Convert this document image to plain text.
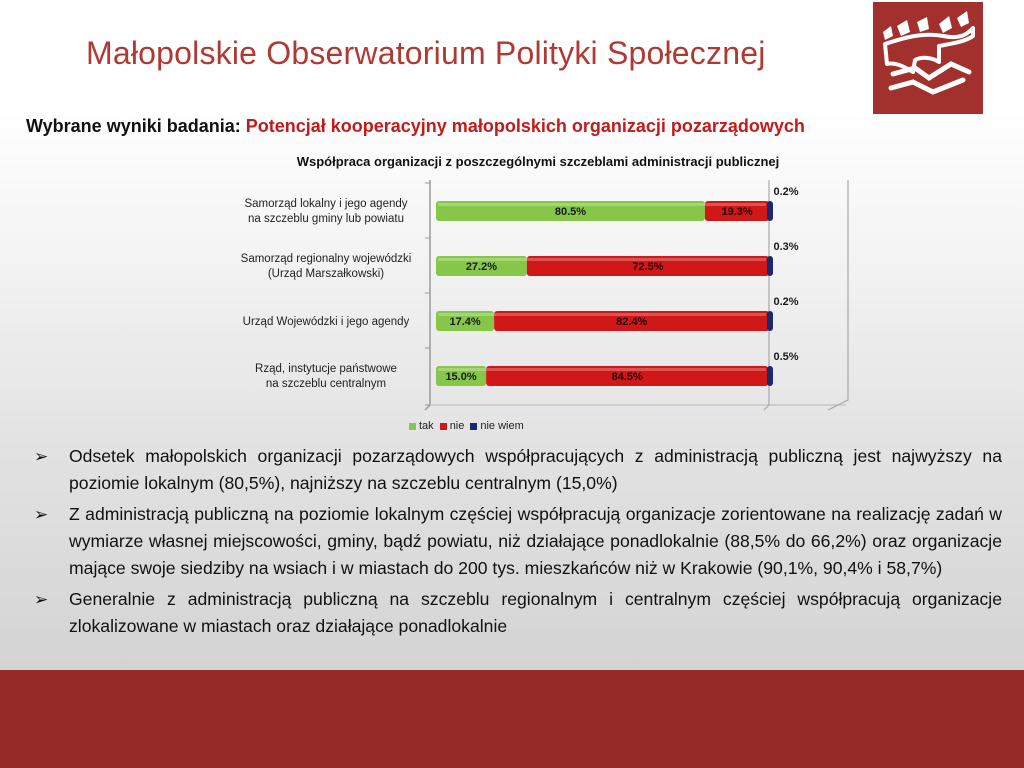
Małopolskie Obserwatorium Polityki Społecznej
Wybrane wyniki badania: Potencjał kooperacyjny małopolskich organizacji pozarządowych
Współpraca organizacji z poszczególnymi szczeblami administracji publicznej
80.5%	19.3%
0.2%
27.2%	72.5%
0.3%
17.4%	82.4%
0.2%
15.0%	84.5%
0.5%
Samorząd lokalny i jego agendy
na szczeblu gminy lub powiatu
Samorząd regionalny wojewódzki
(Urząd Marszałkowski)
Urząd Wojewódzki i jego agendy
Rząd, instytucje państwowe
na szczeblu centralnym
tak nie nie wiem
➢ Odsetek małopolskich organizacji pozarządowych współpracujących z administracją publiczną jest najwyższy na poziomie lokalnym (80,5%), najniższy na szczeblu centralnym (15,0%)
➢ Z administracją publiczną na poziomie lokalnym częściej współpracują organizacje zorientowane na realizację zadań w wymiarze własnej miejscowości, gminy, bądź powiatu, niż działające ponadlokalnie (88,5% do 66,2%) oraz organizacje mające swoje siedziby na wsiach i w miastach do 200 tys. mieszkańców niż w Krakowie (90,1%, 90,4% i 58,7%)
➢ Generalnie z administracją publiczną na szczeblu regionalnym i centralnym częściej współpracują organizacje zlokalizowane w miastach oraz działające ponadlokalnie
